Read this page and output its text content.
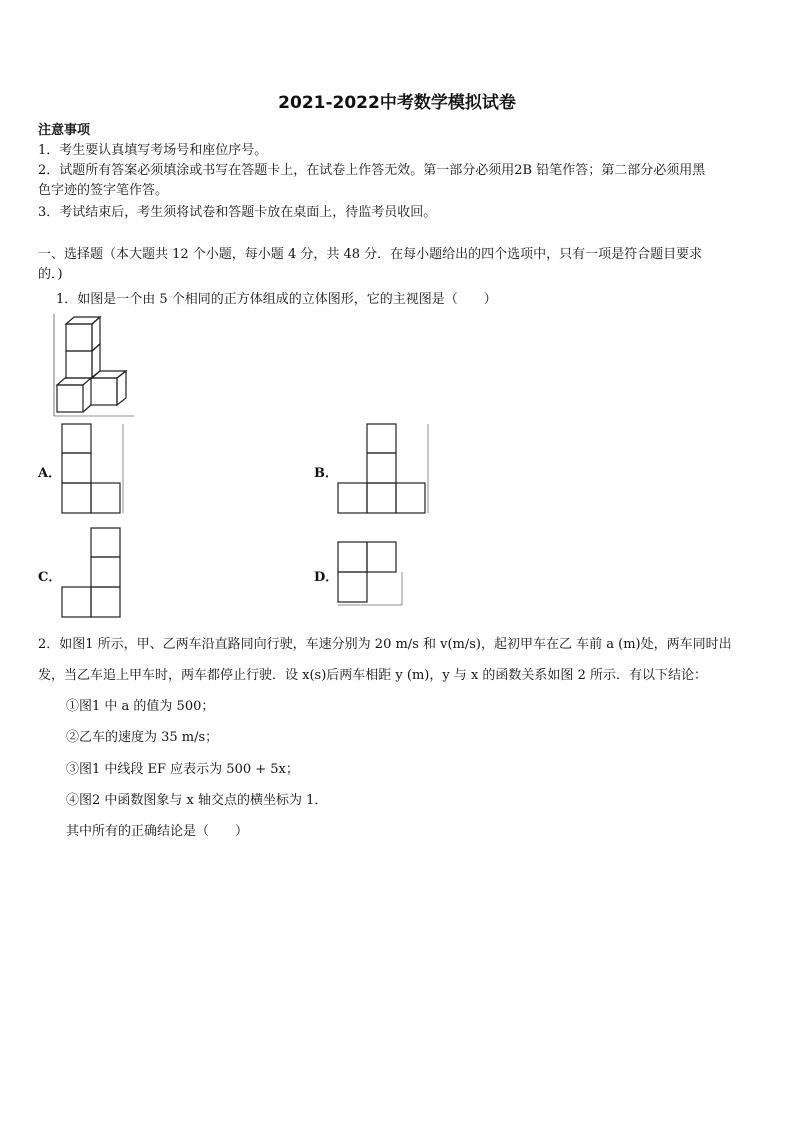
2021-2022中考数学模拟试卷
注意事项
1．考生要认真填写考场号和座位序号。
2．试题所有答案必须填涂或书写在答题卡上，在试卷上作答无效。第一部分必须用2B 铅笔作答；第二部分必须用黑
色字迹的签字笔作答。
3．考试结束后，考生须将试卷和答题卡放在桌面上，待监考员收回。
一、选择题（本大题共 12 个小题，每小题 4 分，共 48 分．在每小题给出的四个选项中，只有一项是符合题目要求
的．)
1．如图是一个由 5 个相同的正方体组成的立体图形，它的主视图是（　　）
A．	B．
C．	D．
2．如图1 所示，甲、乙两车沿直路同向行驶，车速分别为 20 m/s 和 v(m/s)，起初甲车在乙 车前 a (m)处，两车同时出
发，当乙车追上甲车时，两车都停止行驶．设 x(s)后两车相距 y (m)，y 与 x 的函数关系如图 2 所示．有以下结论：
①图1 中 a 的值为 500；
②乙车的速度为 35 m/s；
③图1 中线段 EF 应表示为 500 + 5x；
④图2 中函数图象与 x 轴交点的横坐标为 1．
其中所有的正确结论是（　　）
